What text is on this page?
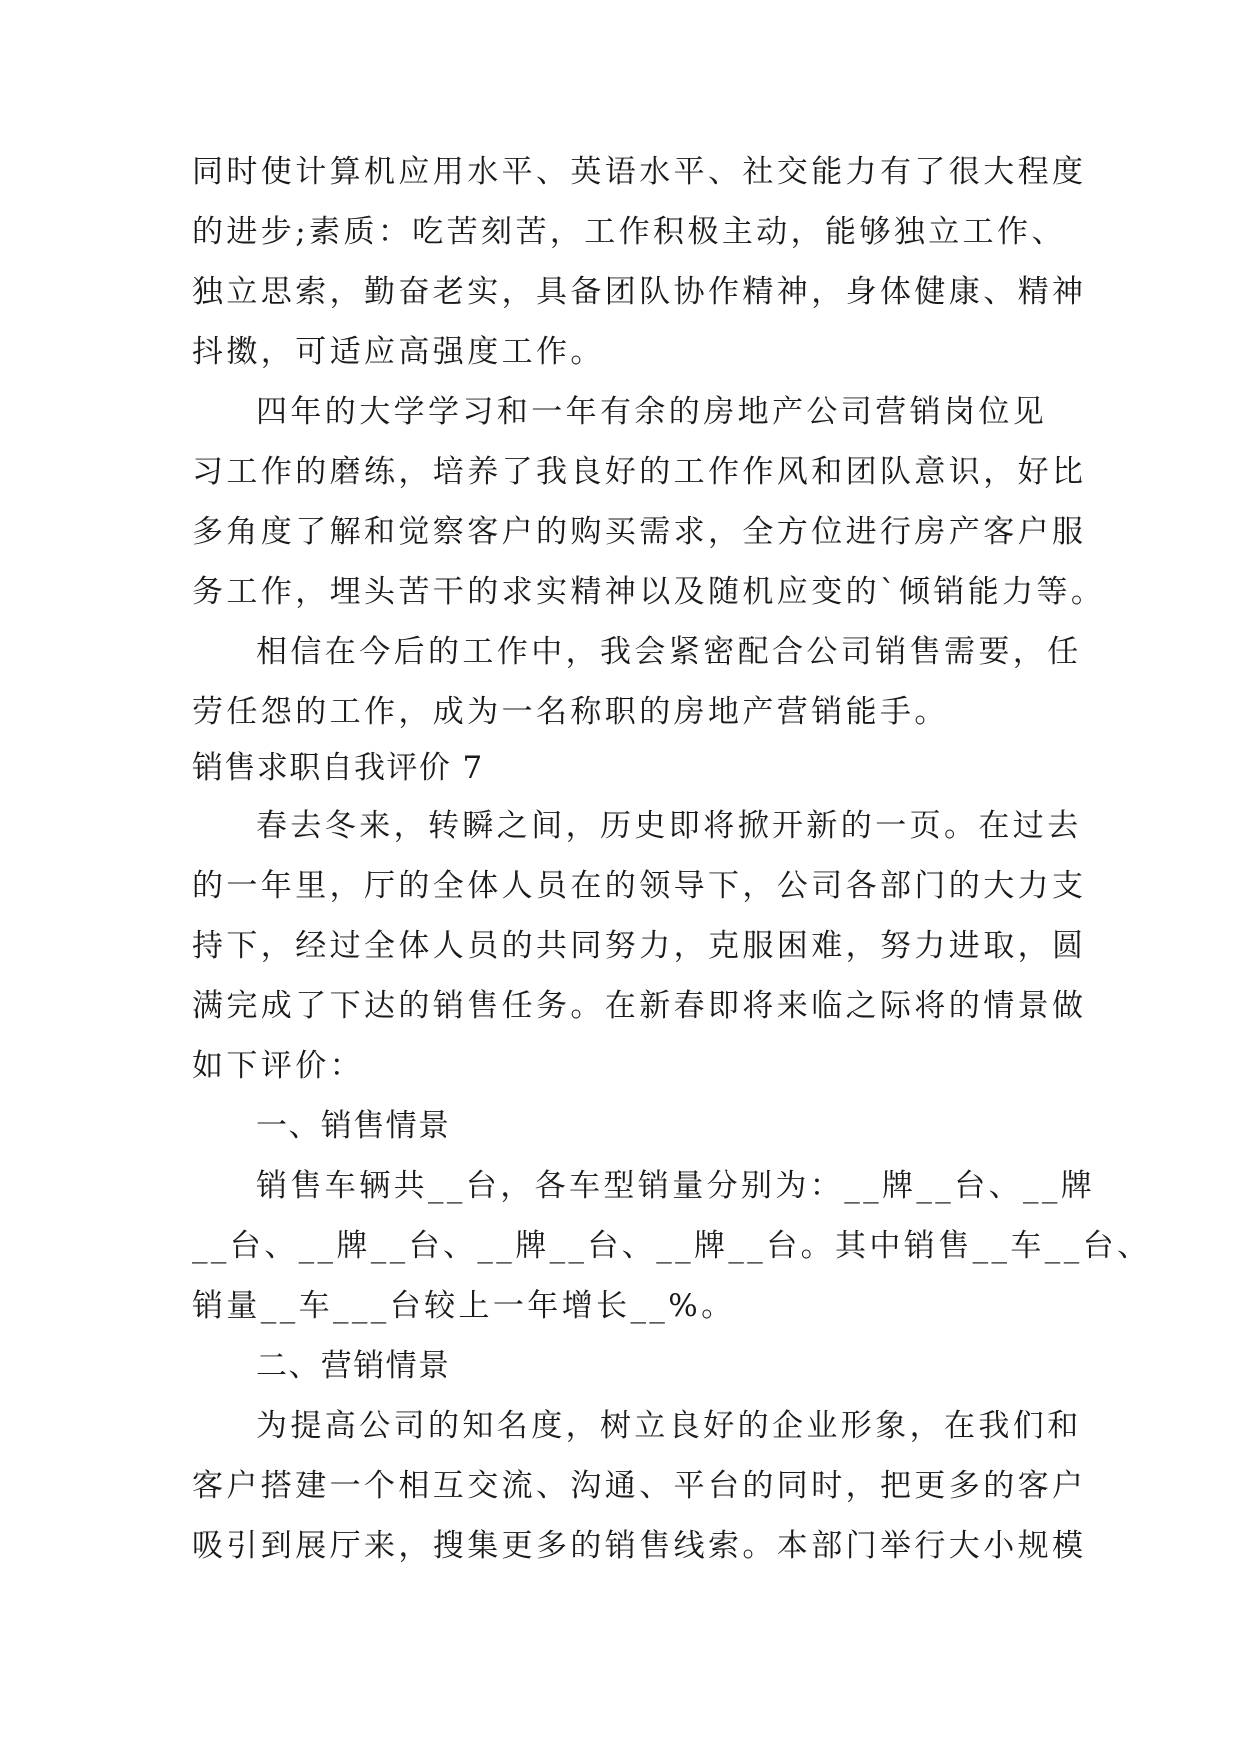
同时使计算机应用水平、英语水平、社交能力有了很大程度
的进步;素质：吃苦刻苦，工作积极主动，能够独立工作、
独立思索，勤奋老实，具备团队协作精神，身体健康、精神
抖擞，可适应高强度工作。
四年的大学学习和一年有余的房地产公司营销岗位见
习工作的磨练，培养了我良好的工作作风和团队意识，好比
多角度了解和觉察客户的购买需求，全方位进行房产客户服
务工作，埋头苦干的求实精神以及随机应变的`倾销能力等。
相信在今后的工作中，我会紧密配合公司销售需要，任
劳任怨的工作，成为一名称职的房地产营销能手。
销售求职自我评价 7
春去冬来，转瞬之间，历史即将掀开新的一页。在过去
的一年里，厅的全体人员在的领导下，公司各部门的大力支
持下，经过全体人员的共同努力，克服困难，努力进取，圆
满完成了下达的销售任务。在新春即将来临之际将的情景做
如下评价：
一、销售情景
销售车辆共__台，各车型销量分别为：__牌__台、__牌
__台、__牌__台、__牌__台、__牌__台。其中销售__车__台、
销量__车___台较上一年增长__%。
二、营销情景
为提高公司的知名度，树立良好的企业形象，在我们和
客户搭建一个相互交流、沟通、平台的同时，把更多的客户
吸引到展厅来，搜集更多的销售线索。本部门举行大小规模
